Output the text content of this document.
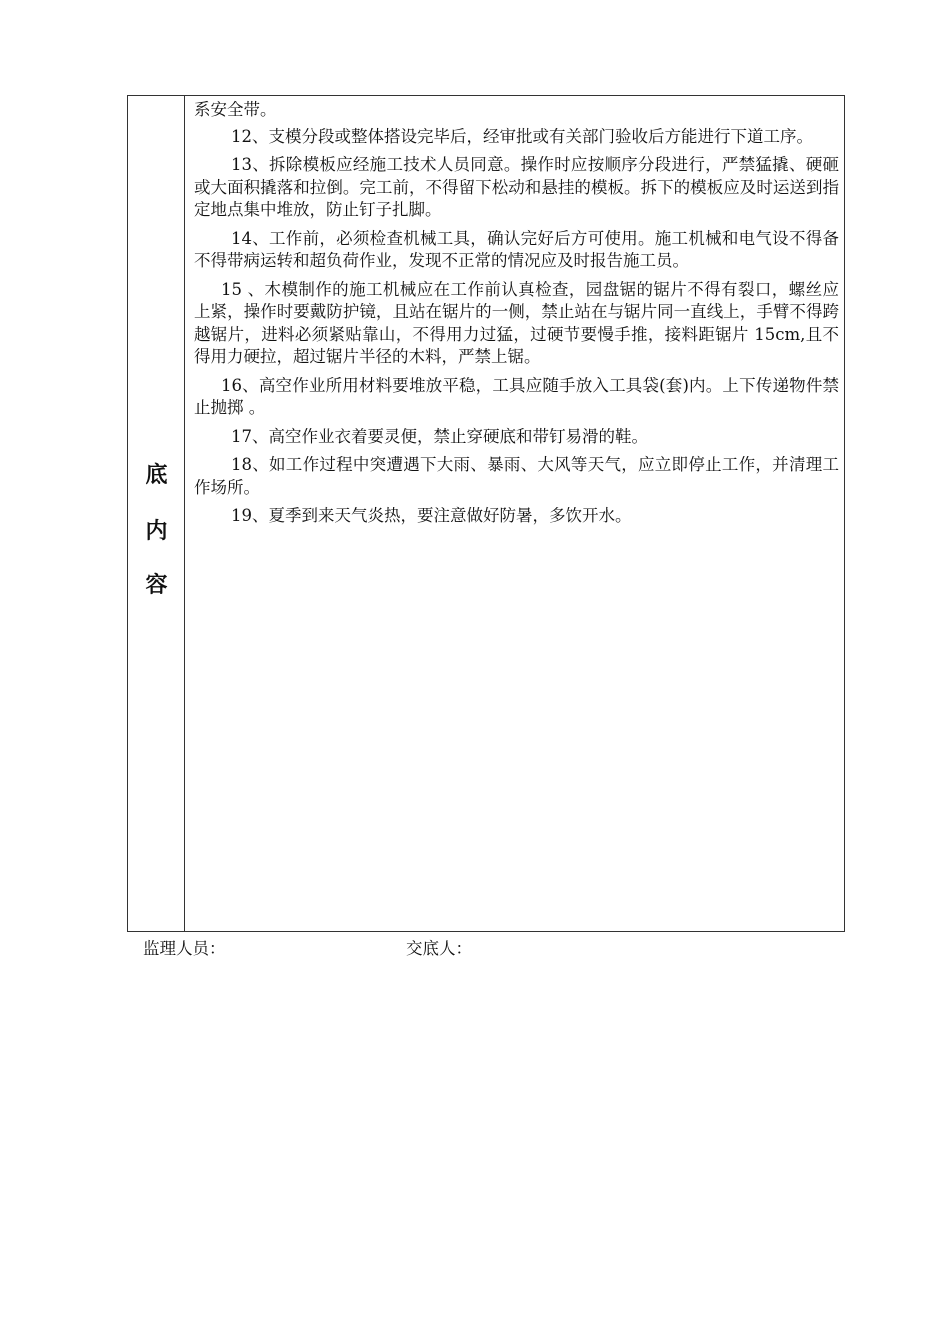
底
内
容

系安全带。

12、支模分段或整体搭设完毕后，经审批或有关部门验收后方能进行下道工序。

13、拆除模板应经施工技术人员同意。操作时应按顺序分段进行，严禁猛撬、硬砸或大面积撬落和拉倒。完工前，不得留下松动和悬挂的模板。拆下的模板应及时运送到指定地点集中堆放，防止钉子扎脚。

14、工作前，必须检查机械工具，确认完好后方可使用。施工机械和电气设不得备不得带病运转和超负荷作业，发现不正常的情况应及时报告施工员。

15 、木模制作的施工机械应在工作前认真检查，园盘锯的锯片不得有裂口，螺丝应上紧，操作时要戴防护镜，且站在锯片的一侧，禁止站在与锯片同一直线上，手臂不得跨越锯片，进料必须紧贴靠山，不得用力过猛，过硬节要慢手推，接料距锯片 15cm,且不得用力硬拉，超过锯片半径的木料，严禁上锯。

16、高空作业所用材料要堆放平稳，工具应随手放入工具袋(套)内。上下传递物件禁止抛掷 。

17、高空作业衣着要灵便，禁止穿硬底和带钉易滑的鞋。

18、如工作过程中突遭遇下大雨、暴雨、大风等天气，应立即停止工作，并清理工作场所。

19、夏季到来天气炎热，要注意做好防暑，多饮开水。

监理人员：	交底人：
